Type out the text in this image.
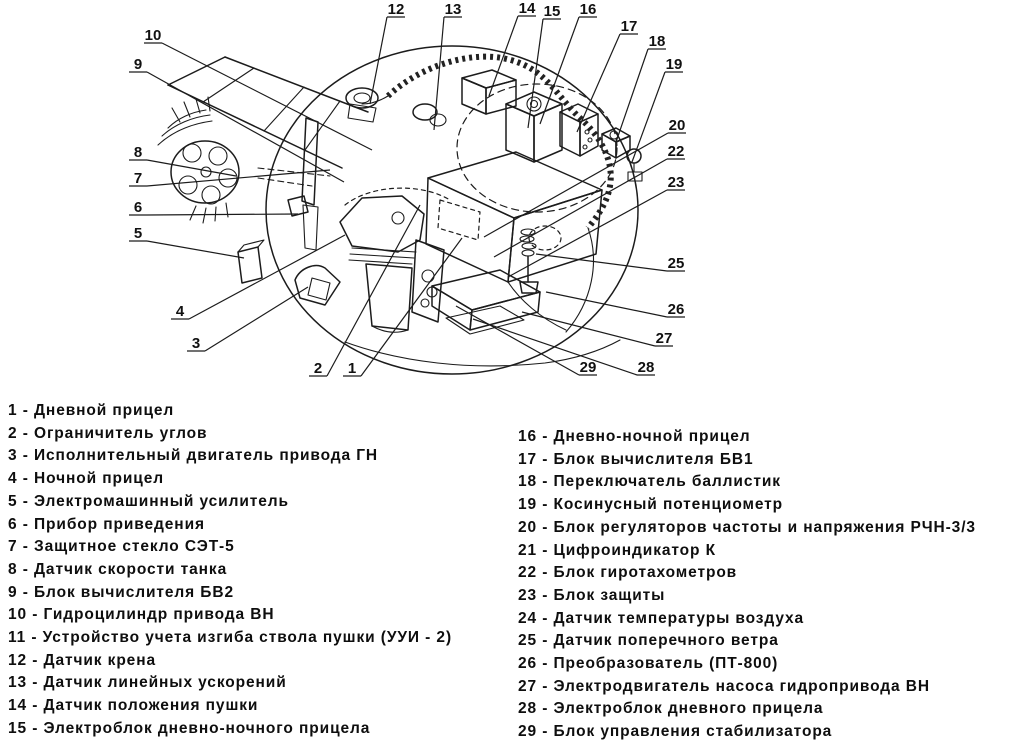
1
2
3
4
5
6
7
8
9
10
12	13	14 15 16
17
18
19
20
22
23
25
26
27
28
29
1 - Дневной прицел
2 - Ограничитель углов
3 - Исполнительный двигатель привода ГН
4 - Ночной прицел
5 - Электромашинный усилитель
6 - Прибор приведения
7 - Защитное стекло СЭТ-5
8 - Датчик скорости танка
9 - Блок вычислителя БВ2
10 - Гидроцилиндр привода ВН
11 - Устройство учета изгиба ствола пушки (УУИ - 2)
12 - Датчик крена
13 - Датчик линейных ускорений
14 - Датчик положения пушки
15 - Электроблок дневно-ночного прицела
16 - Дневно-ночной прицел
17 - Блок вычислителя БВ1
18 - Переключатель баллистик
19 - Косинусный потенциометр
20 - Блок регуляторов частоты и напряжения РЧН-3/3
21 - Цифроиндикатор К
22 - Блок гиротахометров
23 - Блок защиты
24 - Датчик температуры воздуха
25 - Датчик поперечного ветра
26 - Преобразователь (ПТ-800)
27 - Электродвигатель насоса гидропривода ВН
28 - Электроблок дневного прицела
29 - Блок управления стабилизатора
